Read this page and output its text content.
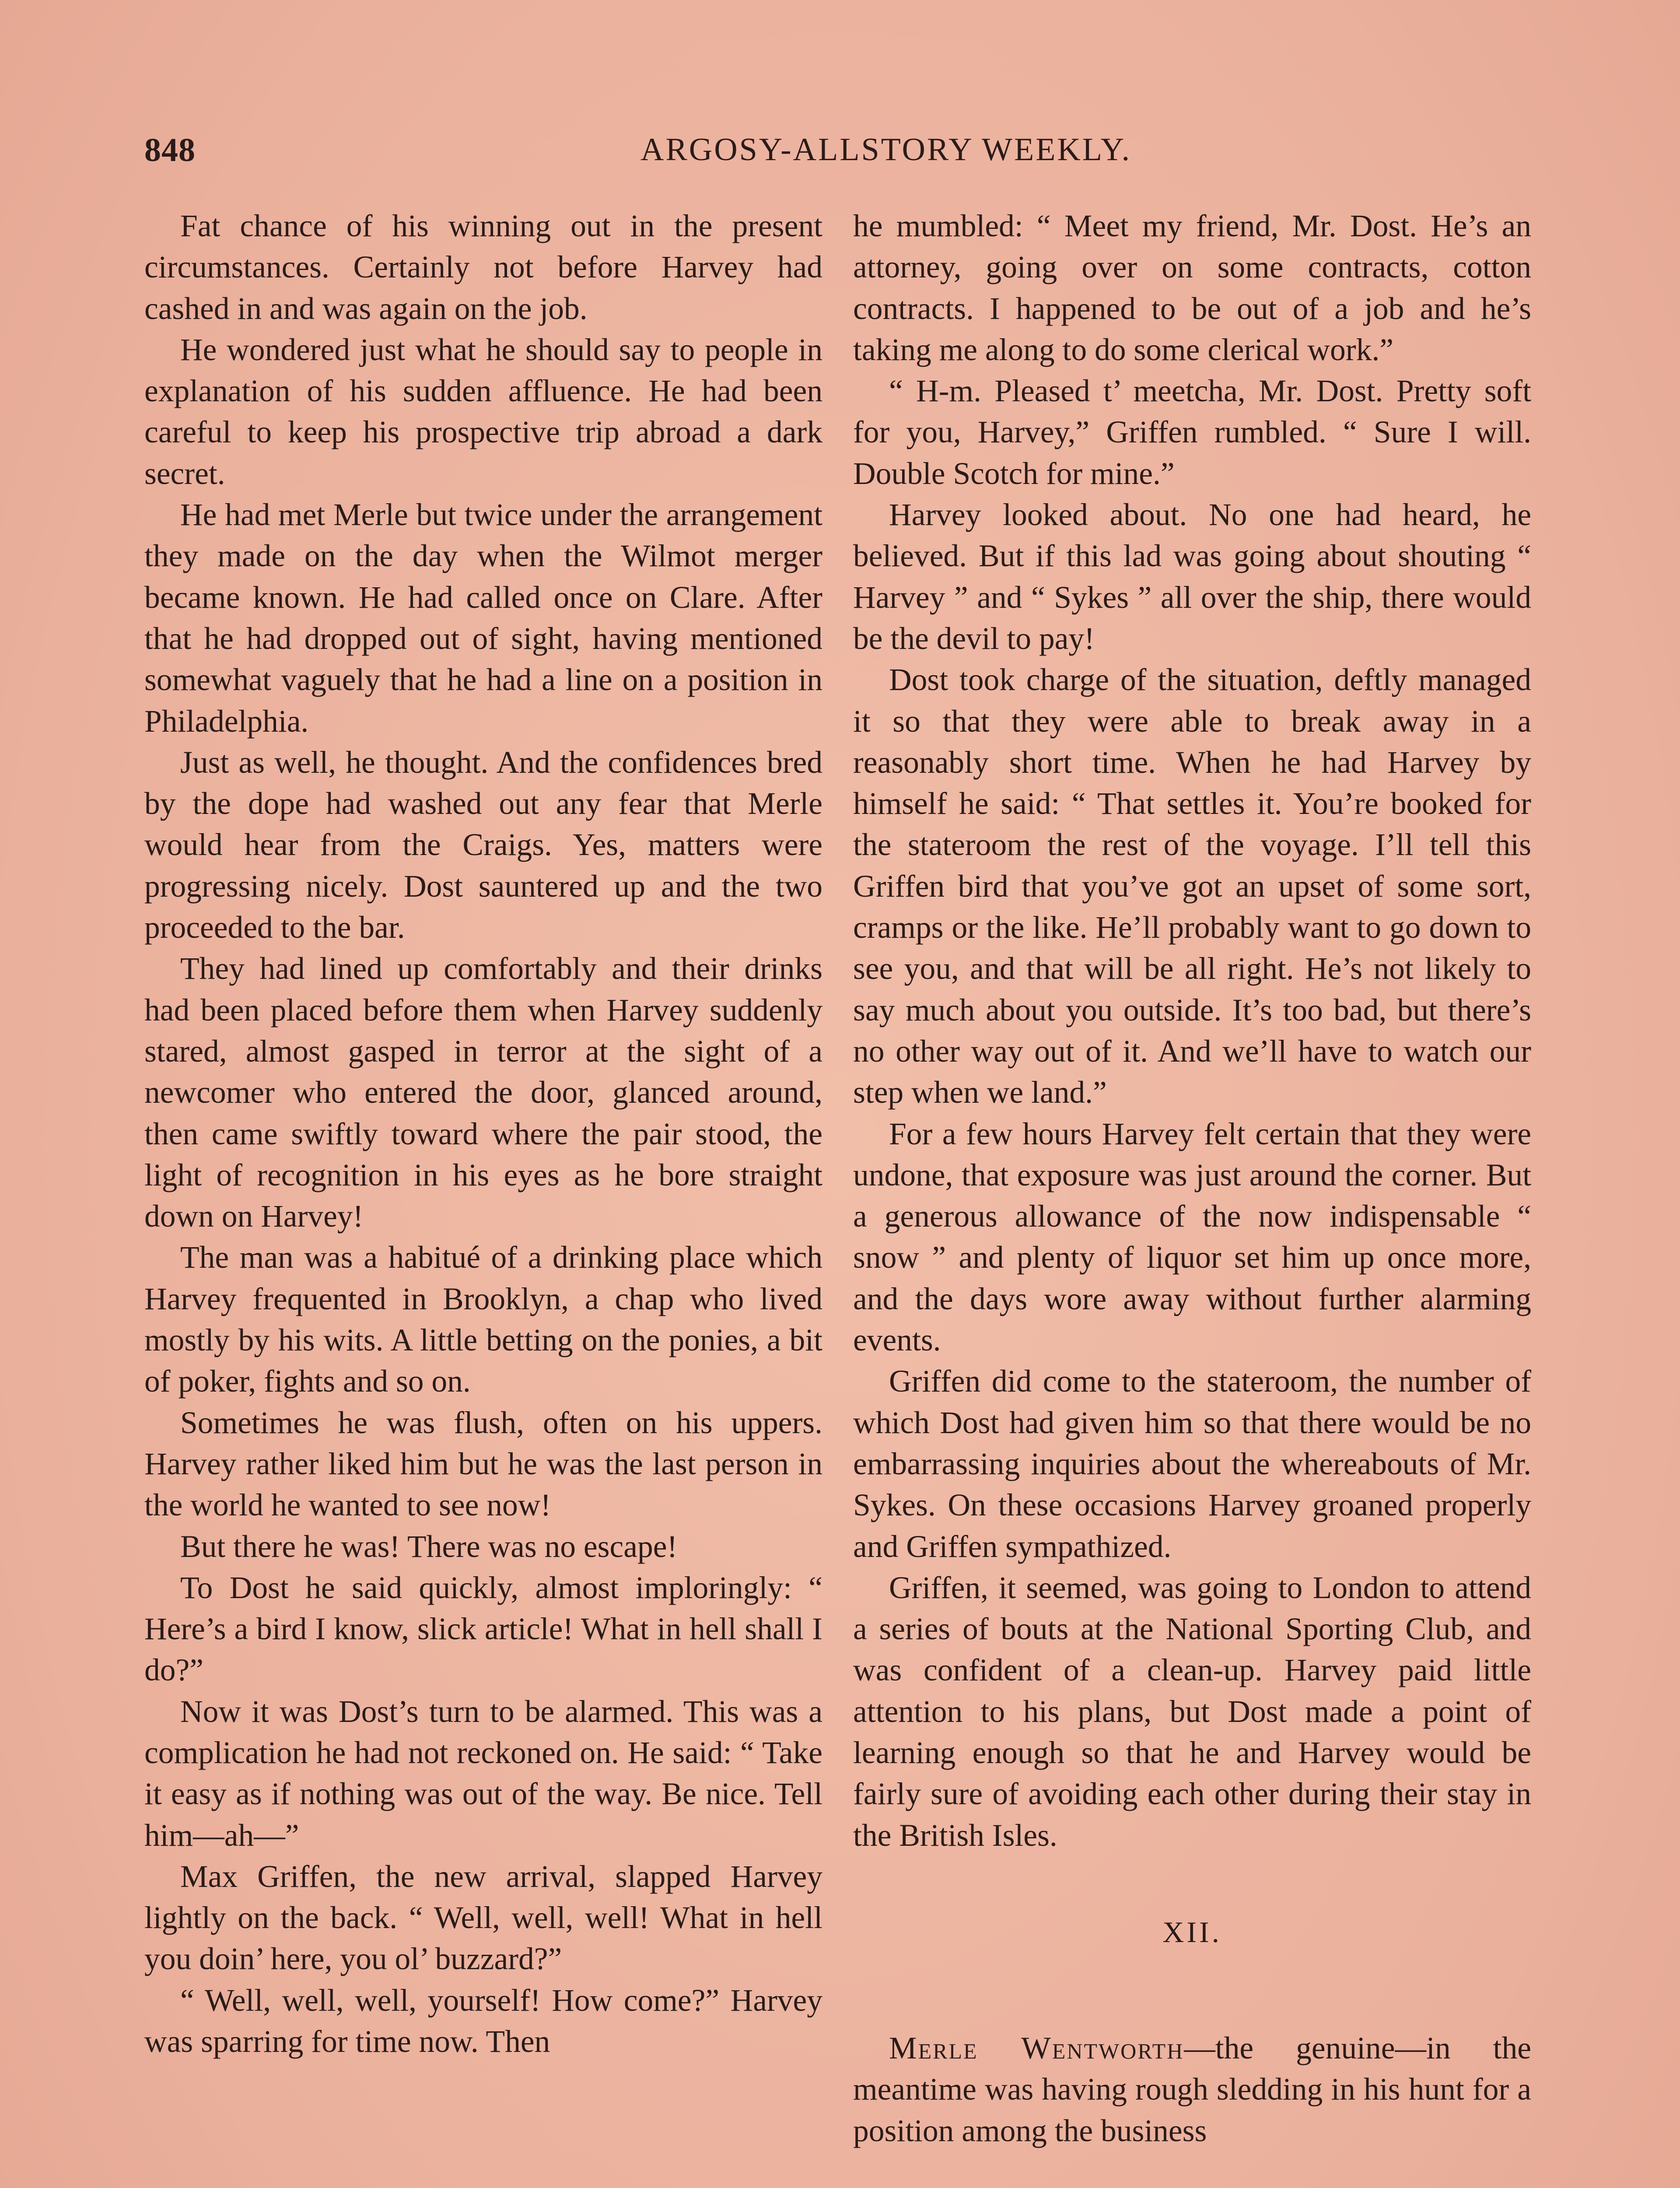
848	ARGOSY-ALLSTORY WEEKLY.

Fat chance of his winning out in the present circumstances. Certainly not before Harvey had cashed in and was again on the job.

He wondered just what he should say to people in explanation of his sudden affluence. He had been careful to keep his prospective trip abroad a dark secret.

He had met Merle but twice under the arrangement they made on the day when the Wilmot merger became known. He had called once on Clare. After that he had dropped out of sight, having mentioned somewhat vaguely that he had a line on a position in Philadelphia.

Just as well, he thought. And the confidences bred by the dope had washed out any fear that Merle would hear from the Craigs. Yes, matters were progressing nicely. Dost sauntered up and the two proceeded to the bar.

They had lined up comfortably and their drinks had been placed before them when Harvey suddenly stared, almost gasped in terror at the sight of a newcomer who entered the door, glanced around, then came swiftly toward where the pair stood, the light of recognition in his eyes as he bore straight down on Harvey!

The man was a habitué of a drinking place which Harvey frequented in Brooklyn, a chap who lived mostly by his wits. A little betting on the ponies, a bit of poker, fights and so on.

Sometimes he was flush, often on his uppers. Harvey rather liked him but he was the last person in the world he wanted to see now!

But there he was! There was no escape!

To Dost he said quickly, almost imploringly: “ Here’s a bird I know, slick article! What in hell shall I do?”

Now it was Dost’s turn to be alarmed. This was a complication he had not reckoned on. He said: “ Take it easy as if nothing was out of the way. Be nice. Tell him—ah—”

Max Griffen, the new arrival, slapped Harvey lightly on the back. “ Well, well, well! What in hell you doin’ here, you ol’ buzzard?”

“ Well, well, well, yourself! How come?” Harvey was sparring for time now. Then

he mumbled: “ Meet my friend, Mr. Dost. He’s an attorney, going over on some contracts, cotton contracts. I happened to be out of a job and he’s taking me along to do some clerical work.”

“ H-m. Pleased t’ meetcha, Mr. Dost. Pretty soft for you, Harvey,” Griffen rumbled. “ Sure I will. Double Scotch for mine.”

Harvey looked about. No one had heard, he believed. But if this lad was going about shouting “ Harvey ” and “ Sykes ” all over the ship, there would be the devil to pay!

Dost took charge of the situation, deftly managed it so that they were able to break away in a reasonably short time. When he had Harvey by himself he said: “ That settles it. You’re booked for the stateroom the rest of the voyage. I’ll tell this Griffen bird that you’ve got an upset of some sort, cramps or the like. He’ll probably want to go down to see you, and that will be all right. He’s not likely to say much about you outside. It’s too bad, but there’s no other way out of it. And we’ll have to watch our step when we land.”

For a few hours Harvey felt certain that they were undone, that exposure was just around the corner. But a generous allowance of the now indispensable “ snow ” and plenty of liquor set him up once more, and the days wore away without further alarming events.

Griffen did come to the stateroom, the number of which Dost had given him so that there would be no embarrassing inquiries about the whereabouts of Mr. Sykes. On these occasions Harvey groaned properly and Griffen sympathized.

Griffen, it seemed, was going to London to attend a series of bouts at the National Sporting Club, and was confident of a clean-up. Harvey paid little attention to his plans, but Dost made a point of learning enough so that he and Harvey would be fairly sure of avoiding each other during their stay in the British Isles.

XII.

Merle Wentworth—the genuine—in the meantime was having rough sledding in his hunt for a position among the business
